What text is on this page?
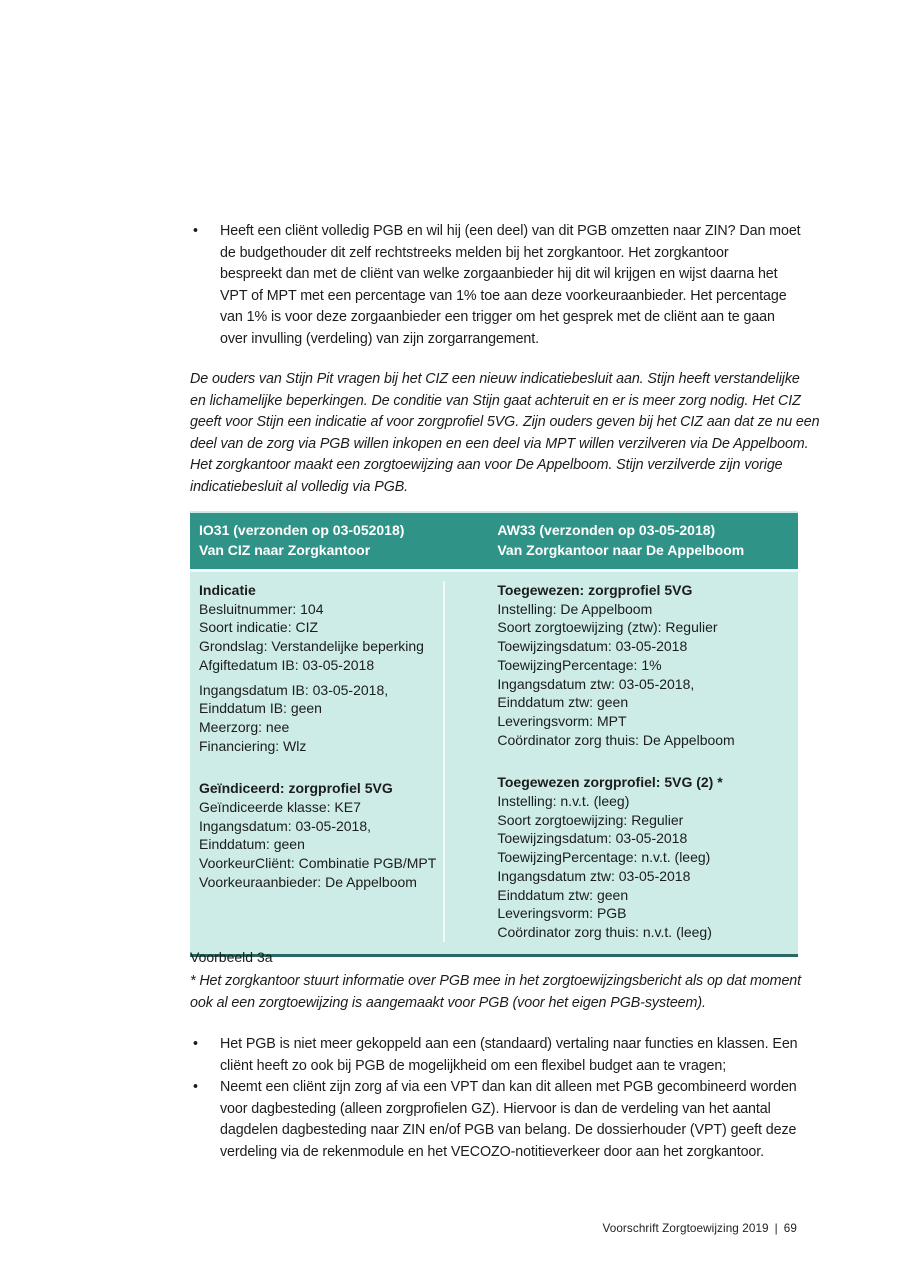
• Heeft een cliënt volledig PGB en wil hij (een deel) van dit PGB omzetten naar ZIN? Dan moet
de budgethouder dit zelf rechtstreeks melden bij het zorgkantoor. Het zorgkantoor
bespreekt dan met de cliënt van welke zorgaanbieder hij dit wil krijgen en wijst daarna het
VPT of MPT met een percentage van 1% toe aan deze voorkeuraanbieder. Het percentage
van 1% is voor deze zorgaanbieder een trigger om het gesprek met de cliënt aan te gaan
over invulling (verdeling) van zijn zorgarrangement.
De ouders van Stijn Pit vragen bij het CIZ een nieuw indicatiebesluit aan. Stijn heeft verstandelijke
en lichamelijke beperkingen. De conditie van Stijn gaat achteruit en er is meer zorg nodig. Het CIZ
geeft voor Stijn een indicatie af voor zorgprofiel 5VG. Zijn ouders geven bij het CIZ aan dat ze nu een
deel van de zorg via PGB willen inkopen en een deel via MPT willen verzilveren via De Appelboom.
Het zorgkantoor maakt een zorgtoewijzing aan voor De Appelboom. Stijn verzilverde zijn vorige
indicatiebesluit al volledig via PGB.
IO31 (verzonden op 03-052018)
Van CIZ naar Zorgkantoor
AW33 (verzonden op 03-05-2018)
Van Zorgkantoor naar De Appelboom
Indicatie
Besluitnummer: 104
Soort indicatie: CIZ
Grondslag: Verstandelijke beperking
Afgiftedatum IB: 03-05-2018
Ingangsdatum IB: 03-05-2018,
Einddatum IB: geen
Meerzorg: nee
Financiering: Wlz
Geïndiceerd: zorgprofiel 5VG
Geïndiceerde klasse: KE7
Ingangsdatum: 03-05-2018,
Einddatum: geen
VoorkeurCliënt: Combinatie PGB/MPT
Voorkeuraanbieder: De Appelboom
Toegewezen: zorgprofiel 5VG
Instelling: De Appelboom
Soort zorgtoewijzing (ztw): Regulier
Toewijzingsdatum: 03-05-2018
ToewijzingPercentage: 1%
Ingangsdatum ztw: 03-05-2018,
Einddatum ztw: geen
Leveringsvorm: MPT
Coördinator zorg thuis: De Appelboom
Toegewezen zorgprofiel: 5VG (2) *
Instelling: n.v.t. (leeg)
Soort zorgtoewijzing: Regulier
Toewijzingsdatum: 03-05-2018
ToewijzingPercentage: n.v.t. (leeg)
Ingangsdatum ztw: 03-05-2018
Einddatum ztw: geen
Leveringsvorm: PGB
Coördinator zorg thuis: n.v.t. (leeg)
Voorbeeld 3a
* Het zorgkantoor stuurt informatie over PGB mee in het zorgtoewijzingsbericht als op dat moment
ook al een zorgtoewijzing is aangemaakt voor PGB (voor het eigen PGB-systeem).
• Het PGB is niet meer gekoppeld aan een (standaard) vertaling naar functies en klassen. Een
cliënt heeft zo ook bij PGB de mogelijkheid om een flexibel budget aan te vragen;
• Neemt een cliënt zijn zorg af via een VPT dan kan dit alleen met PGB gecombineerd worden
voor dagbesteding (alleen zorgprofielen GZ). Hiervoor is dan de verdeling van het aantal
dagdelen dagbesteding naar ZIN en/of PGB van belang. De dossierhouder (VPT) geeft deze
verdeling via de rekenmodule en het VECOZO-notitieverkeer door aan het zorgkantoor.
Voorschrift Zorgtoewijzing 2019 | 69
